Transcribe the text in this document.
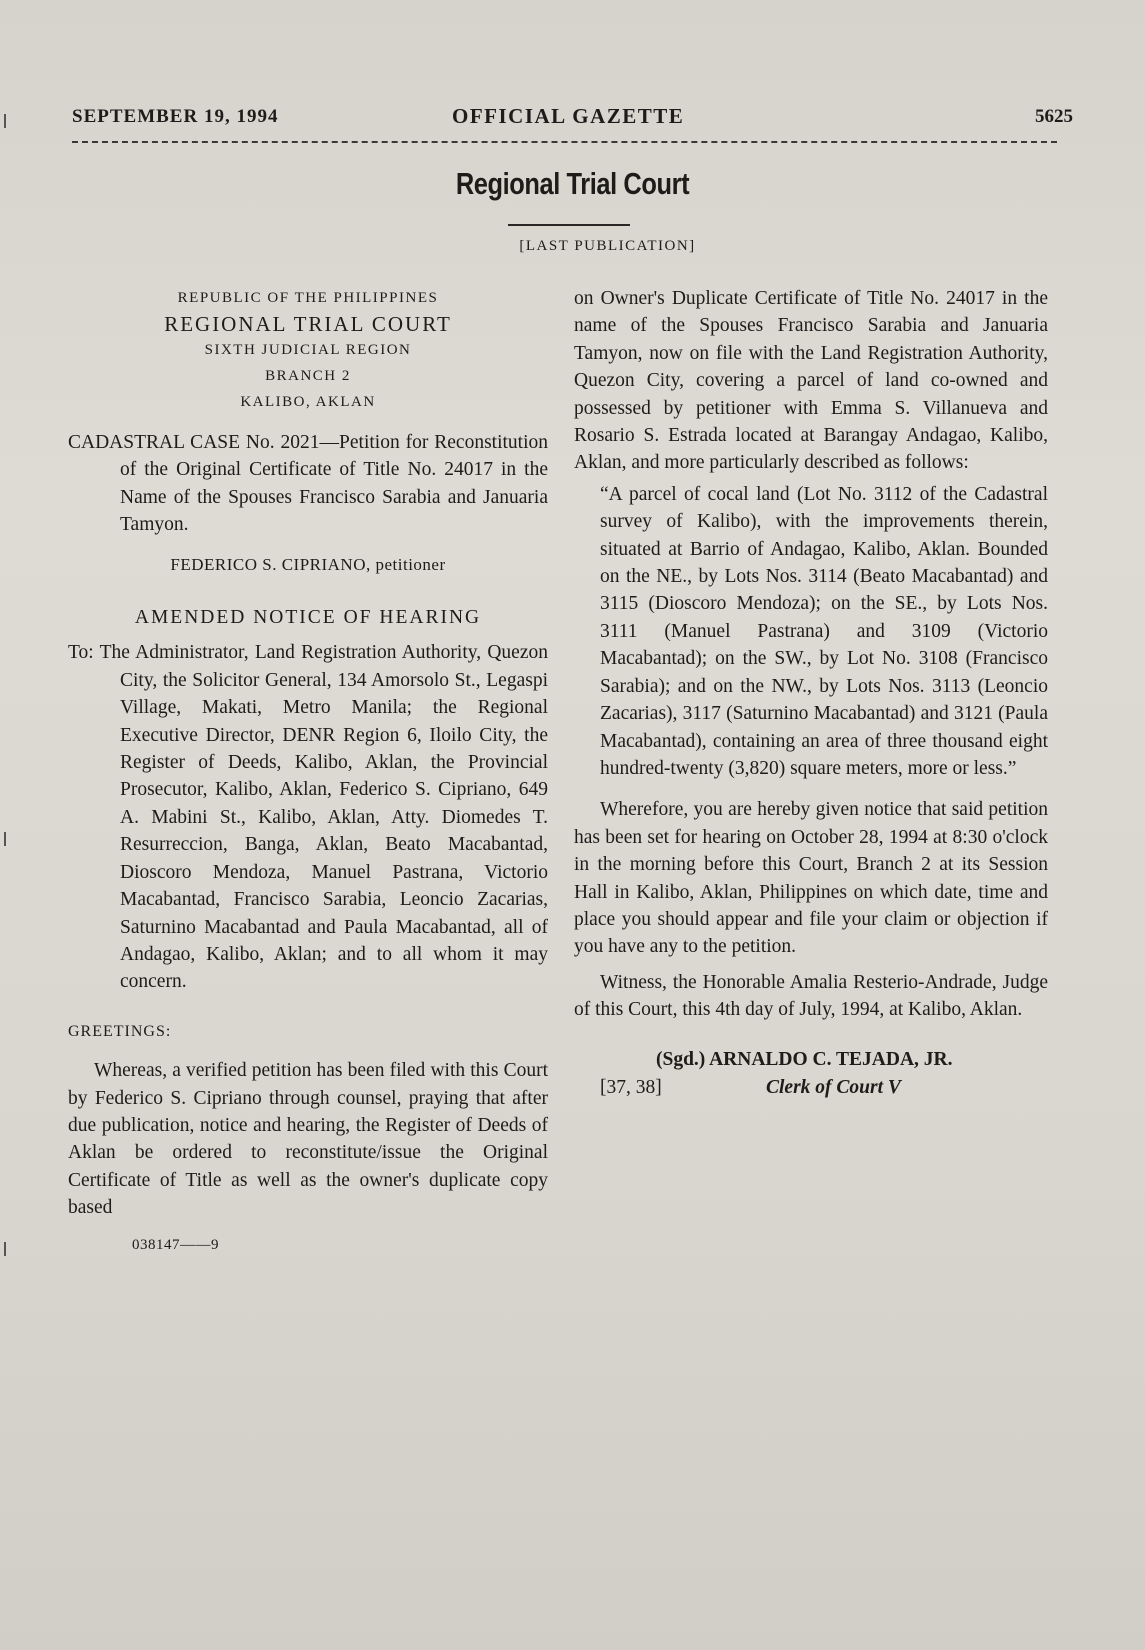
SEPTEMBER 19, 1994	OFFICIAL GAZETTE	5625
Regional Trial Court
[LAST PUBLICATION]
REPUBLIC OF THE PHILIPPINES
REGIONAL TRIAL COURT
SIXTH JUDICIAL REGION
BRANCH 2
KALIBO, AKLAN
CADASTRAL CASE No. 2021—Petition for Reconstitution of the Original Certificate of Title No. 24017 in the Name of the Spouses Francisco Sarabia and Januaria Tamyon.
FEDERICO S. CIPRIANO, petitioner
AMENDED NOTICE OF HEARING
To: The Administrator, Land Registration Authority, Quezon City, the Solicitor General, 134 Amorsolo St., Legaspi Village, Makati, Metro Manila; the Regional Executive Director, DENR Region 6, Iloilo City, the Register of Deeds, Kalibo, Aklan, the Provincial Prosecutor, Kalibo, Aklan, Federico S. Cipriano, 649 A. Mabini St., Kalibo, Aklan, Atty. Diomedes T. Resurreccion, Banga, Aklan, Beato Macabantad, Dioscoro Mendoza, Manuel Pastrana, Victorio Macabantad, Francisco Sarabia, Leoncio Zacarias, Saturnino Macabantad and Paula Macabantad, all of Andagao, Kalibo, Aklan; and to all whom it may concern.
GREETINGS:

Whereas, a verified petition has been filed with this Court by Federico S. Cipriano through counsel, praying that after due publication, notice and hearing, the Register of Deeds of Aklan be ordered to reconstitute/issue the Original Certificate of Title as well as the owner's duplicate copy based

038147——9

on Owner's Duplicate Certificate of Title No. 24017 in the name of the Spouses Francisco Sarabia and Januaria Tamyon, now on file with the Land Registration Authority, Quezon City, covering a parcel of land co-owned and possessed by petitioner with Emma S. Villanueva and Rosario S. Estrada located at Barangay Andagao, Kalibo, Aklan, and more particularly described as follows:

“A parcel of cocal land (Lot No. 3112 of the Cadastral survey of Kalibo), with the improvements therein, situated at Barrio of Andagao, Kalibo, Aklan. Bounded on the NE., by Lots Nos. 3114 (Beato Macabantad) and 3115 (Dioscoro Mendoza); on the SE., by Lots Nos. 3111 (Manuel Pastrana) and 3109 (Victorio Macabantad); on the SW., by Lot No. 3108 (Francisco Sarabia); and on the NW., by Lots Nos. 3113 (Leoncio Zacarias), 3117 (Saturnino Macabantad) and 3121 (Paula Macabantad), containing an area of three thousand eight hundred-twenty (3,820) square meters, more or less.”

Wherefore, you are hereby given notice that said petition has been set for hearing on October 28, 1994 at 8:30 o'clock in the morning before this Court, Branch 2 at its Session Hall in Kalibo, Aklan, Philippines on which date, time and place you should appear and file your claim or objection if you have any to the petition.

Witness, the Honorable Amalia Resterio-Andrade, Judge of this Court, this 4th day of July, 1994, at Kalibo, Aklan.

(Sgd.) ARNALDO C. TEJADA, JR.
[37, 38]	Clerk of Court V
